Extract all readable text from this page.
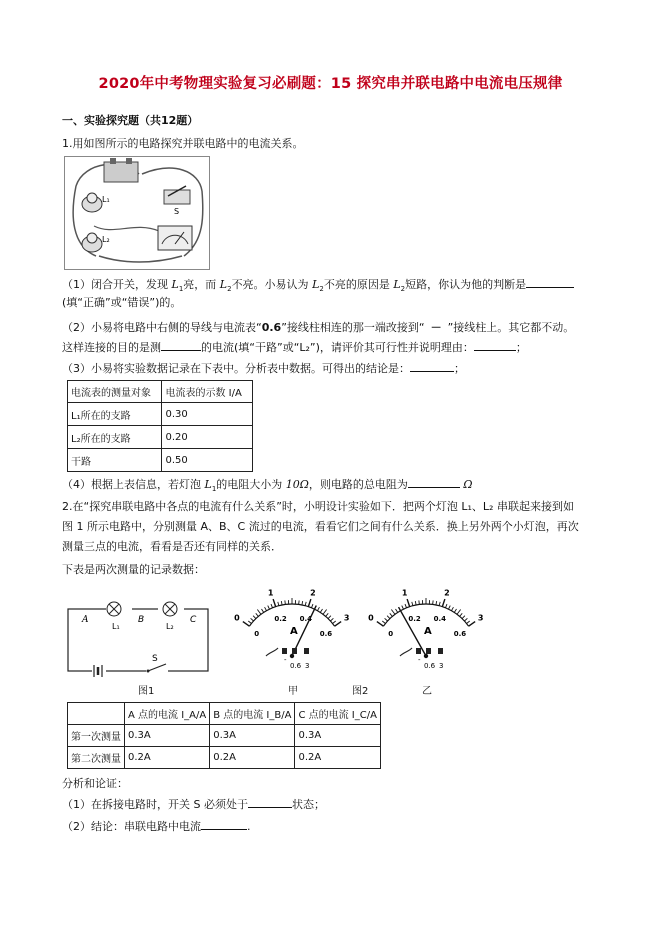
2020年中考物理实验复习必刷题：15 探究串并联电路中电流电压规律
一、实验探究题（共12题）
1.用如图所示的电路探究并联电路中的电流关系。
S
L₁
L₂
（1）闭合开关，发现 $L_1$亮，而 $L_2$不亮。小易认为 $L_2$不亮的原因是 $L_2$短路，你认为他的判断是
(填“正确”或“错误”)的。
（2）小易将电路中右侧的导线与电流表“0.6”接线柱相连的那一端改接到“ － ”接线柱上。其它都不动。
这样连接的目的是测	的电流(填“干路”或“L₂”)，请评价其可行性并说明理由：	；
（3）小易将实验数据记录在下表中。分析表中数据。可得出的结论是：	；
电流表的测量对象	电流表的示数 I/A
L₁所在的支路	0.30
L₂所在的支路	0.20
干路	0.50
（4）根据上表信息，若灯泡 $L_1$的电阻大小为 10Ω，则电路的总电阻为	Ω
2.在“探究串联电路中各点的电流有什么关系”时，小明设计实验如下．把两个灯泡 L₁、L₂ 串联起来接到如
图 1 所示电路中，分别测量 A、B、C 流过的电流，看看它们之间有什么关系．换上另外两个小灯泡，再次
测量三点的电流，看看是否还有同样的关系．
下表是两次测量的记录数据：
A	B	C
L₁	L₂
S
图1
0
1	2
3
0
0.2 0.4
0.6
A
-
0.6 3
甲	图2
0
1	2
3
0
0.2 0.4
0.6
A
-
0.6 3
乙
	A 点的电流 I_A/A	B 点的电流 I_B/A	C 点的电流 I_C/A
第一次测量	0.3A	0.3A	0.3A
第二次测量	0.2A	0.2A	0.2A
分析和论证：
（1）在拆接电路时，开关 S 必须处于	状态；
（2）结论：串联电路中电流	.
